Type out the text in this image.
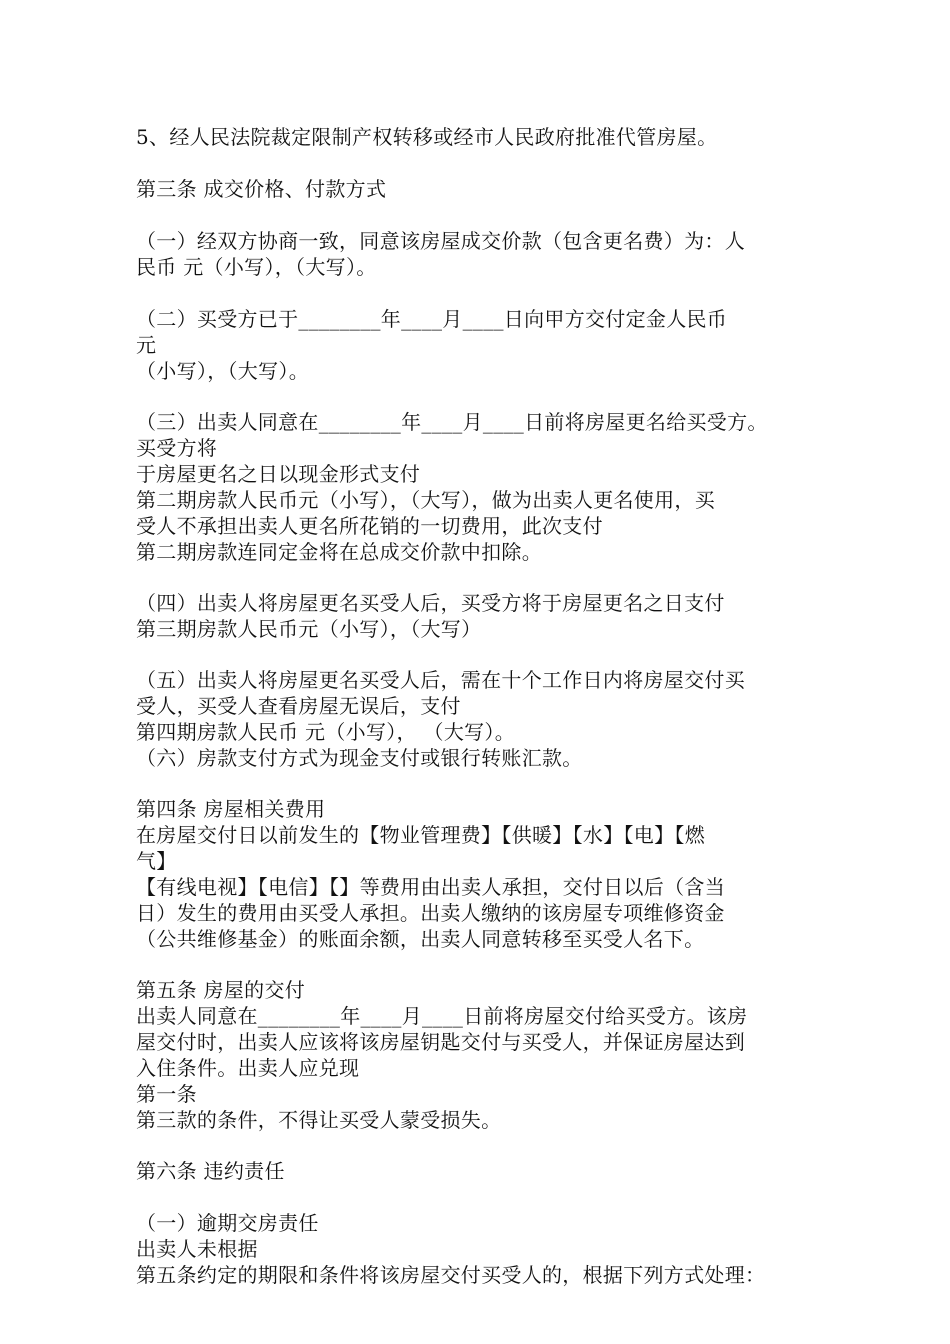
5、经人民法院裁定限制产权转移或经市人民政府批准代管房屋。
第三条 成交价格、付款方式
（一）经双方协商一致，同意该房屋成交价款（包含更名费）为：人
民币 元（小写），（大写）。
（二）买受方已于________年____月____日向甲方交付定金人民币
元
（小写），（大写）。
（三）出卖人同意在________年____月____日前将房屋更名给买受方。
买受方将
于房屋更名之日以现金形式支付
第二期房款人民币元（小写），（大写），做为出卖人更名使用，买
受人不承担出卖人更名所花销的一切费用，此次支付
第二期房款连同定金将在总成交价款中扣除。
（四）出卖人将房屋更名买受人后，买受方将于房屋更名之日支付
第三期房款人民币元（小写），（大写）
（五）出卖人将房屋更名买受人后，需在十个工作日内将房屋交付买
受人，买受人查看房屋无误后，支付
第四期房款人民币 元（小写）， （大写）。
（六）房款支付方式为现金支付或银行转账汇款。
第四条 房屋相关费用
在房屋交付日以前发生的【物业管理费】【供暖】【水】【电】【燃
气】
【有线电视】【电信】【】等费用由出卖人承担，交付日以后（含当
日）发生的费用由买受人承担。出卖人缴纳的该房屋专项维修资金
（公共维修基金）的账面余额，出卖人同意转移至买受人名下。
第五条 房屋的交付
出卖人同意在________年____月____日前将房屋交付给买受方。该房
屋交付时，出卖人应该将该房屋钥匙交付与买受人，并保证房屋达到
入住条件。出卖人应兑现
第一条
第三款的条件，不得让买受人蒙受损失。
第六条 违约责任
（一）逾期交房责任
出卖人未根据
第五条约定的期限和条件将该房屋交付买受人的，根据下列方式处理：
